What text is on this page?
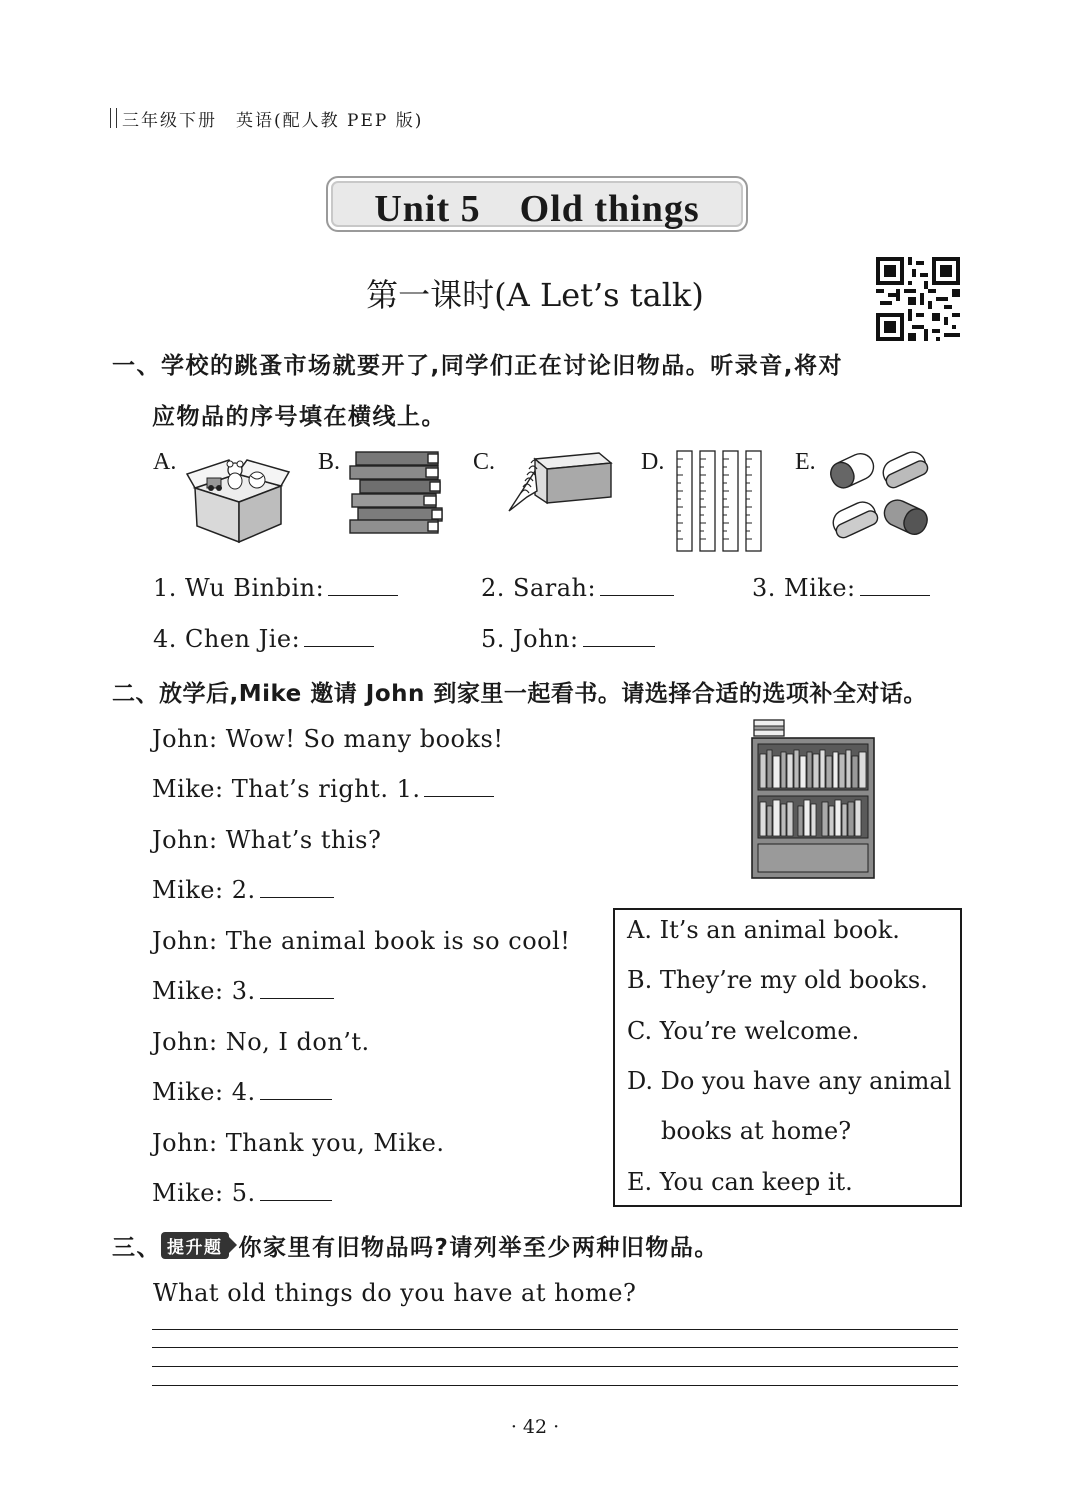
三年级下册　英语(配人教 PEP 版)
Unit 5　Old things
第一课时(A Let’s talk)
一、学校的跳蚤市场就要开了,同学们正在讨论旧物品。听录音,将对
应物品的序号填在横线上。
A.	B.	C.	D.	E.
1. Wu Binbin:	2. Sarah:	3. Mike:
4. Chen Jie:	5. John:
二、放学后,Mike 邀请 John 到家里一起看书。请选择合适的选项补全对话。
John: Wow! So many books!
Mike: That’s right. 1.
John: What’s this?
Mike: 2.
John: The animal book is so cool!
Mike: 3.
John: No, I don’t.
Mike: 4.
John: Thank you, Mike.
Mike: 5.
A. It’s an animal book.
B. They’re my old books.
C. You’re welcome.
D. Do you have any animal
books at home?
E. You can keep it.
三、 提升题 你家里有旧物品吗?请列举至少两种旧物品。
What old things do you have at home?
· 42 ·
